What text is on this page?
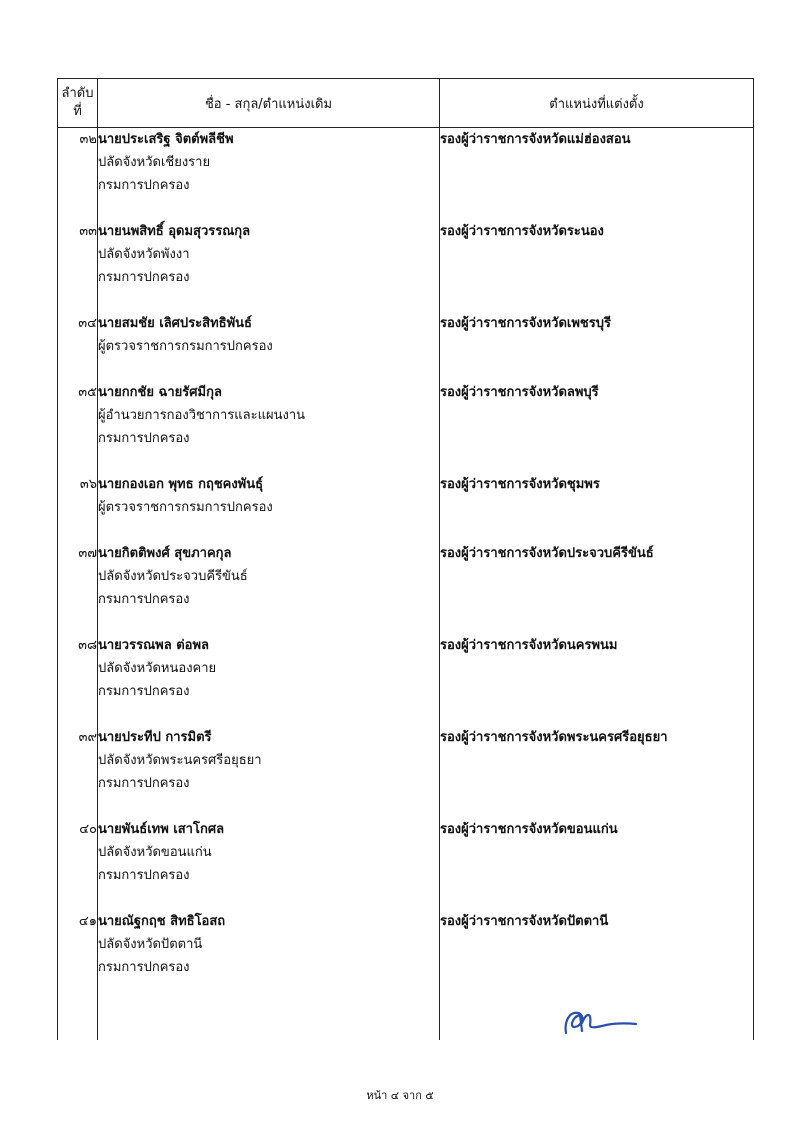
ลำดับ ที่	ชื่อ - สกุล/ตำแหน่งเดิม	ตำแหน่งที่แต่งตั้ง
๓๒	นายประเสริฐ จิตต์พลีชีพ
ปลัดจังหวัดเชียงราย
กรมการปกครอง	รองผู้ว่าราชการจังหวัดแม่ฮ่องสอน

๓๓	นายนพสิทธิ์ อุดมสุวรรณกุล
ปลัดจังหวัดพังงา
กรมการปกครอง	รองผู้ว่าราชการจังหวัดระนอง

๓๔	นายสมชัย เลิศประสิทธิพันธ์
ผู้ตรวจราชการกรมการปกครอง	รองผู้ว่าราชการจังหวัดเพชรบุรี

๓๕	นายกกชัย ฉายรัศมีกุล
ผู้อำนวยการกองวิชาการและแผนงาน
กรมการปกครอง	รองผู้ว่าราชการจังหวัดลพบุรี

๓๖	นายกองเอก พุทธ กฤชคงพันธุ์
ผู้ตรวจราชการกรมการปกครอง	รองผู้ว่าราชการจังหวัดชุมพร

๓๗	นายกิตติพงศ์ สุขภาคกุล
ปลัดจังหวัดประจวบคีรีขันธ์
กรมการปกครอง	รองผู้ว่าราชการจังหวัดประจวบคีรีขันธ์

๓๘	นายวรรณพล ต่อพล
ปลัดจังหวัดหนองคาย
กรมการปกครอง	รองผู้ว่าราชการจังหวัดนครพนม

๓๙	นายประทีป การมิตรี
ปลัดจังหวัดพระนครศรีอยุธยา
กรมการปกครอง	รองผู้ว่าราชการจังหวัดพระนครศรีอยุธยา

๔๐	นายพันธ์เทพ เสาโกศล
ปลัดจังหวัดขอนแก่น
กรมการปกครอง	รองผู้ว่าราชการจังหวัดขอนแก่น

๔๑	นายณัฐกฤช สิทธิโอสถ
ปลัดจังหวัดปัตตานี
กรมการปกครอง	รองผู้ว่าราชการจังหวัดปัตตานี

หน้า ๔ จาก ๕
